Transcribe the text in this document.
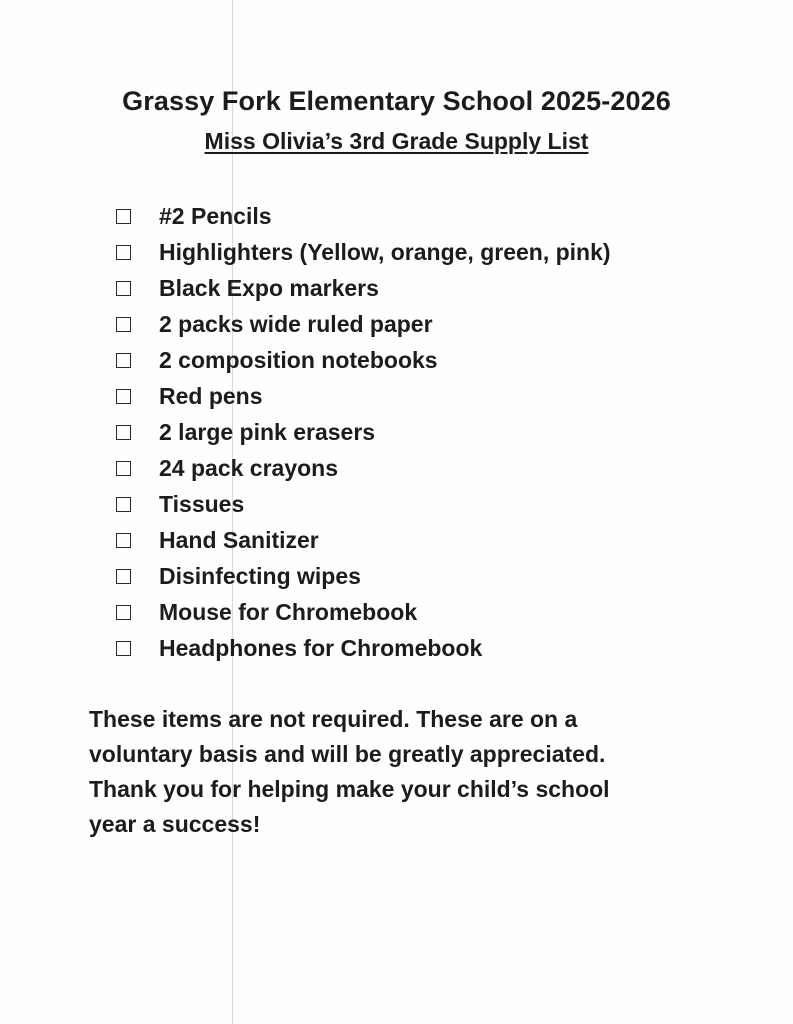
Grassy Fork Elementary School 2025-2026
Miss Olivia’s 3rd Grade Supply List
#2 Pencils
Highlighters (Yellow, orange, green, pink)
Black Expo markers
2 packs wide ruled paper
2 composition notebooks
Red pens
2 large pink erasers
24 pack crayons
Tissues
Hand Sanitizer
Disinfecting wipes
Mouse for Chromebook
Headphones for Chromebook

These items are not required. These are on a
voluntary basis and will be greatly appreciated.
Thank you for helping make your child’s school
year a success!
